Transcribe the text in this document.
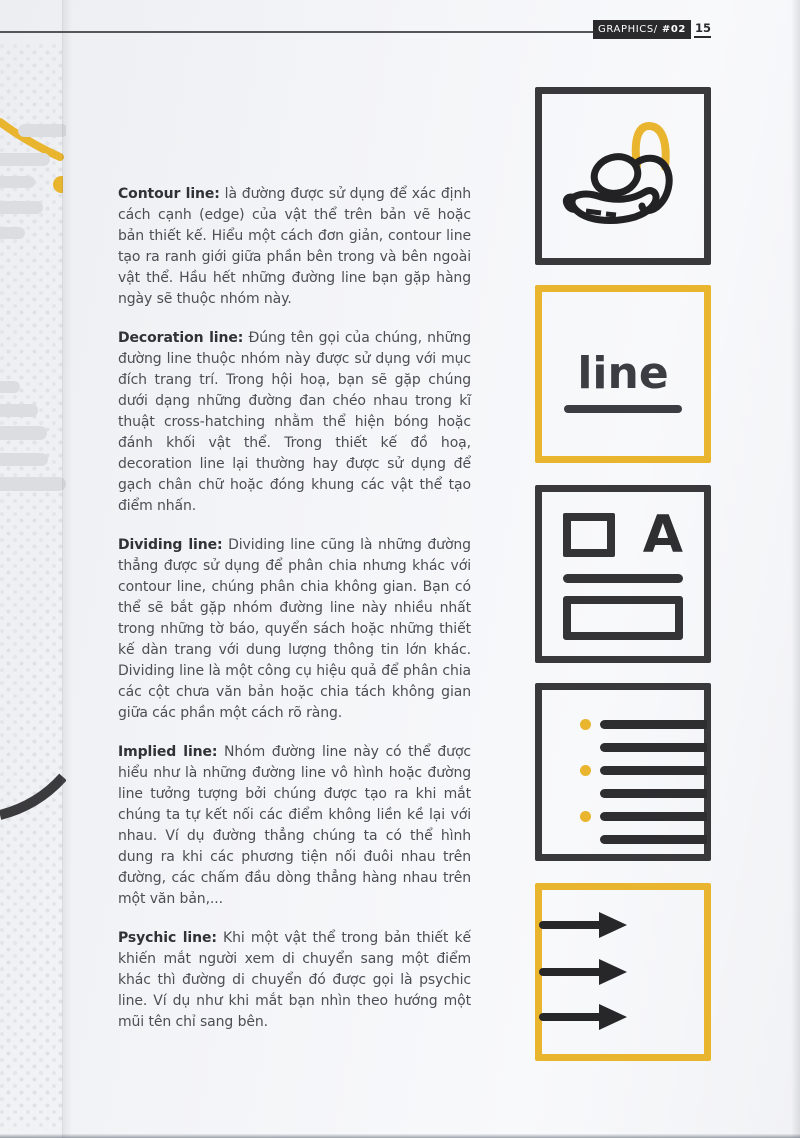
GRAPHICS/ #02 15

Contour line: là đường được sử dụng để xác định cách cạnh (edge) của vật thể trên bản vẽ hoặc bản thiết kế. Hiểu một cách đơn giản, contour line tạo ra ranh giới giữa phần bên trong và bên ngoài vật thể. Hầu hết những đường line bạn gặp hàng ngày sẽ thuộc nhóm này.

Decoration line: Đúng tên gọi của chúng, những đường line thuộc nhóm này được sử dụng với mục đích trang trí. Trong hội hoạ, bạn sẽ gặp chúng dưới dạng những đường đan chéo nhau trong kĩ thuật cross-hatching nhằm thể hiện bóng hoặc đánh khối vật thể. Trong thiết kế đồ hoạ, decoration line lại thường hay được sử dụng để gạch chân chữ hoặc đóng khung các vật thể tạo điểm nhấn.

Dividing line: Dividing line cũng là những đường thẳng được sử dụng để phân chia nhưng khác với contour line, chúng phân chia không gian. Bạn có thể sẽ bắt gặp nhóm đường line này nhiều nhất trong những tờ báo, quyển sách hoặc những thiết kế dàn trang với dung lượng thông tin lớn khác. Dividing line là một công cụ hiệu quả để phân chia các cột chưa văn bản hoặc chia tách không gian giữa các phần một cách rõ ràng.

Implied line: Nhóm đường line này có thể được hiểu như là những đường line vô hình hoặc đường line tưởng tượng bởi chúng được tạo ra khi mắt chúng ta tự kết nối các điểm không liền kề lại với nhau. Ví dụ đường thẳng chúng ta có thể hình dung ra khi các phương tiện nối đuôi nhau trên đường, các chấm đầu dòng thẳng hàng nhau trên một văn bản,...

Psychic line: Khi một vật thể trong bản thiết kế khiến mắt người xem di chuyển sang một điểm khác thì đường di chuyển đó được gọi là psychic line. Ví dụ như khi mắt bạn nhìn theo hướng một mũi tên chỉ sang bên.

line
A
